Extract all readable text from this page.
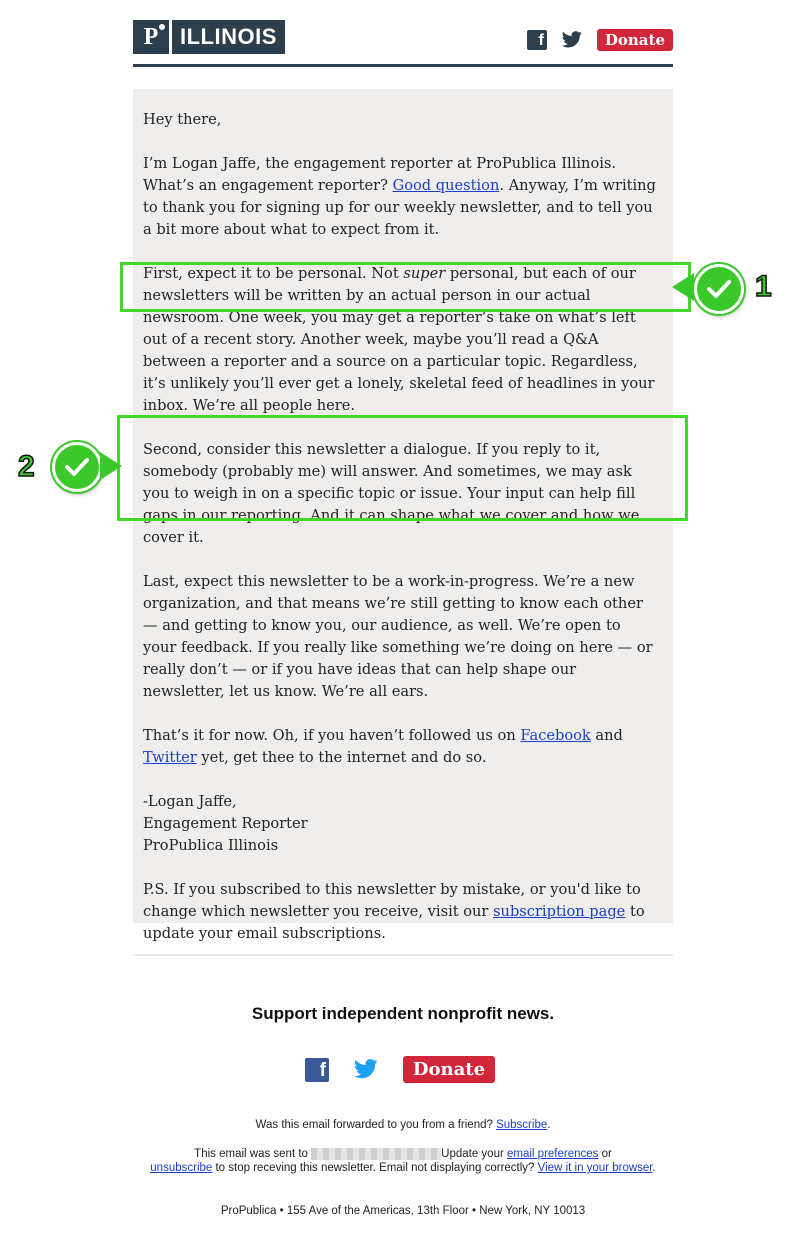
P ILLINOIS	f	Donate

Hey there,

I’m Logan Jaffe, the engagement reporter at ProPublica Illinois. What’s an engagement reporter? Good question. Anyway, I’m writing to thank you for signing up for our weekly newsletter, and to tell you a bit more about what to expect from it.

First, expect it to be personal. Not super personal, but each of our newsletters will be written by an actual person in our actual newsroom. One week, you may get a reporter’s take on what’s left out of a recent story. Another week, maybe you’ll read a Q&A between a reporter and a source on a particular topic. Regardless, it’s unlikely you’ll ever get a lonely, skeletal feed of headlines in your inbox. We’re all people here.

Second, consider this newsletter a dialogue. If you reply to it, somebody (probably me) will answer. And sometimes, we may ask you to weigh in on a specific topic or issue. Your input can help fill gaps in our reporting. And it can shape what we cover and how we cover it.

Last, expect this newsletter to be a work-in-progress. We’re a new organization, and that means we’re still getting to know each other — and getting to know you, our audience, as well. We’re open to your feedback. If you really like something we’re doing on here — or really don’t — or if you have ideas that can help shape our newsletter, let us know. We’re all ears.

That’s it for now. Oh, if you haven’t followed us on Facebook and Twitter yet, get thee to the internet and do so.

-Logan Jaffe,
Engagement Reporter
ProPublica Illinois

P.S. If you subscribed to this newsletter by mistake, or you'd like to change which newsletter you receive, visit our subscription page to update your email subscriptions.

1
2
Support independent nonprofit news.
f	Donate
Was this email forwarded to you from a friend? Subscribe.
This email was sent to	Update your email preferences or
unsubscribe to stop receving this newsletter. Email not displaying correctly? View it in your browser.
ProPublica • 155 Ave of the Americas, 13th Floor • New York, NY 10013
